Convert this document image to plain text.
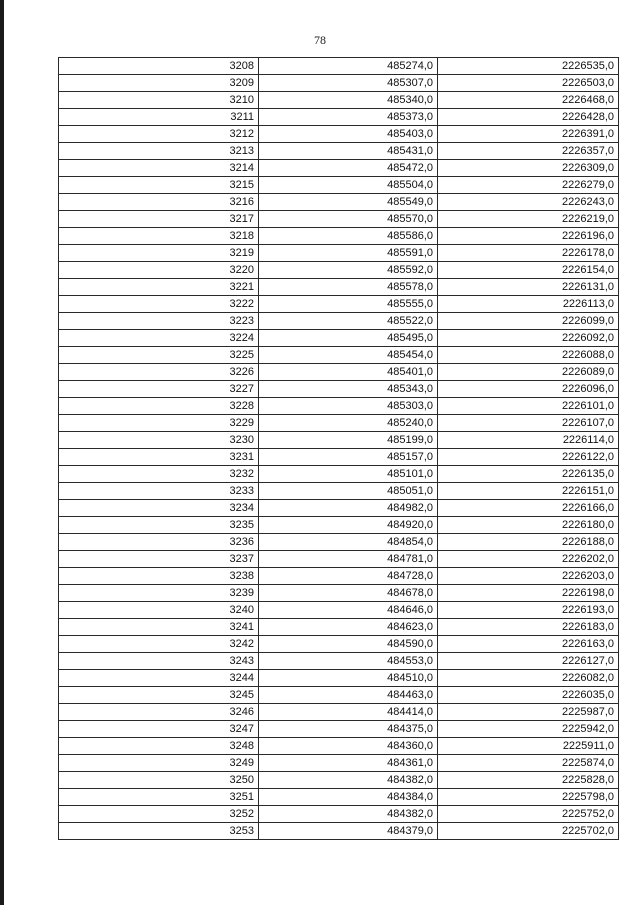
78
3208	485274,0	2226535,0
3209	485307,0	2226503,0
3210	485340,0	2226468,0
3211	485373,0	2226428,0
3212	485403,0	2226391,0
3213	485431,0	2226357,0
3214	485472,0	2226309,0
3215	485504,0	2226279,0
3216	485549,0	2226243,0
3217	485570,0	2226219,0
3218	485586,0	2226196,0
3219	485591,0	2226178,0
3220	485592,0	2226154,0
3221	485578,0	2226131,0
3222	485555,0	2226113,0
3223	485522,0	2226099,0
3224	485495,0	2226092,0
3225	485454,0	2226088,0
3226	485401,0	2226089,0
3227	485343,0	2226096,0
3228	485303,0	2226101,0
3229	485240,0	2226107,0
3230	485199,0	2226114,0
3231	485157,0	2226122,0
3232	485101,0	2226135,0
3233	485051,0	2226151,0
3234	484982,0	2226166,0
3235	484920,0	2226180,0
3236	484854,0	2226188,0
3237	484781,0	2226202,0
3238	484728,0	2226203,0
3239	484678,0	2226198,0
3240	484646,0	2226193,0
3241	484623,0	2226183,0
3242	484590,0	2226163,0
3243	484553,0	2226127,0
3244	484510,0	2226082,0
3245	484463,0	2226035,0
3246	484414,0	2225987,0
3247	484375,0	2225942,0
3248	484360,0	2225911,0
3249	484361,0	2225874,0
3250	484382,0	2225828,0
3251	484384,0	2225798,0
3252	484382,0	2225752,0
3253	484379,0	2225702,0
